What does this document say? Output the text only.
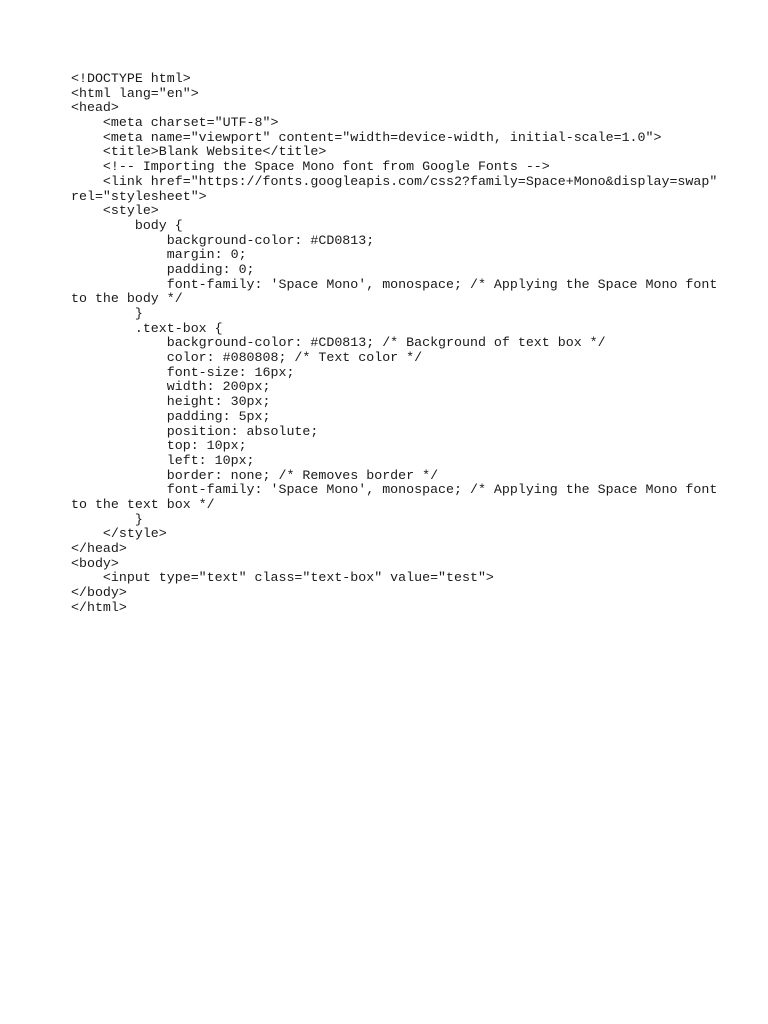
<!DOCTYPE html>
<html lang="en">
<head>
<meta charset="UTF-8">
<meta name="viewport" content="width=device-width, initial-scale=1.0">
<title>Blank Website</title>
<!-- Importing the Space Mono font from Google Fonts -->
<link href="https://fonts.googleapis.com/css2?family=Space+Mono&display=swap"
rel="stylesheet">
<style>
body {
background-color: #CD0813;
margin: 0;
padding: 0;
font-family: 'Space Mono', monospace; /* Applying the Space Mono font
to the body */
}
.text-box {
background-color: #CD0813; /* Background of text box */
color: #080808; /* Text color */
font-size: 16px;
width: 200px;
height: 30px;
padding: 5px;
position: absolute;
top: 10px;
left: 10px;
border: none; /* Removes border */
font-family: 'Space Mono', monospace; /* Applying the Space Mono font
to the text box */
}
</style>
</head>
<body>
<input type="text" class="text-box" value="test">
</body>
</html>
